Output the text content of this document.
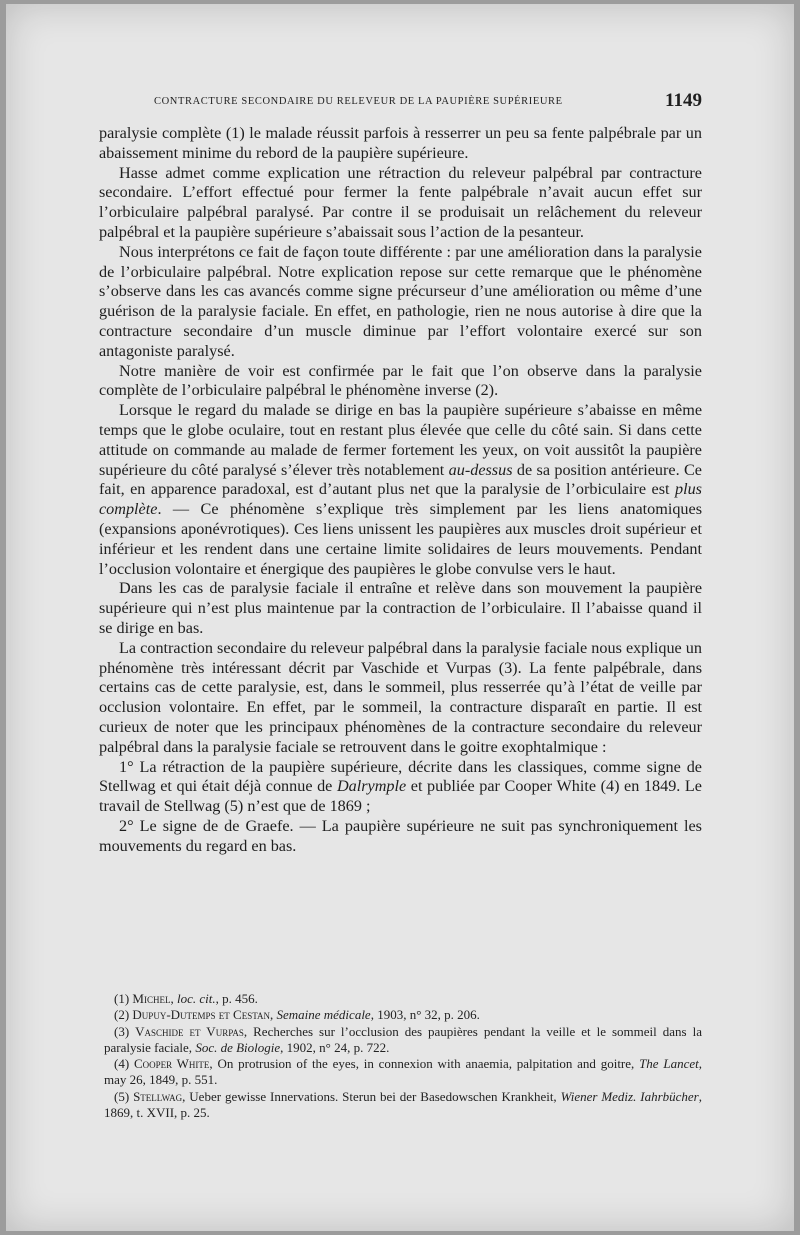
CONTRACTURE SECONDAIRE DU RELEVEUR DE LA PAUPIÈRE SUPÉRIEURE	1149

paralysie complète (1) le malade réussit parfois à resserrer un peu sa fente palpébrale par un abaissement minime du rebord de la paupière supérieure.

Hasse admet comme explication une rétraction du releveur palpébral par contracture secondaire. L’effort effectué pour fermer la fente palpébrale n’avait aucun effet sur l’orbiculaire palpébral paralysé. Par contre il se produisait un relâchement du releveur palpébral et la paupière supérieure s’abaissait sous l’action de la pesanteur.

Nous interprétons ce fait de façon toute différente : par une amélioration dans la paralysie de l’orbiculaire palpébral. Notre explication repose sur cette remarque que le phénomène s’observe dans les cas avancés comme signe précurseur d’une amélioration ou même d’une guérison de la paralysie faciale. En effet, en pathologie, rien ne nous autorise à dire que la contracture secondaire d’un muscle diminue par l’effort volontaire exercé sur son antagoniste paralysé.

Notre manière de voir est confirmée par le fait que l’on observe dans la paralysie complète de l’orbiculaire palpébral le phénomène inverse (2).

Lorsque le regard du malade se dirige en bas la paupière supérieure s’abaisse en même temps que le globe oculaire, tout en restant plus élevée que celle du côté sain. Si dans cette attitude on commande au malade de fermer fortement les yeux, on voit aussitôt la paupière supérieure du côté paralysé s’élever très notablement au-dessus de sa position antérieure. Ce fait, en apparence paradoxal, est d’autant plus net que la paralysie de l’orbiculaire est plus complète. — Ce phénomène s’explique très simplement par les liens anatomiques (expansions aponévrotiques). Ces liens unissent les paupières aux muscles droit supérieur et inférieur et les rendent dans une certaine limite solidaires de leurs mouvements. Pendant l’occlusion volontaire et énergique des paupières le globe convulse vers le haut.

Dans les cas de paralysie faciale il entraîne et relève dans son mouvement la paupière supérieure qui n’est plus maintenue par la contraction de l’orbiculaire. Il l’abaisse quand il se dirige en bas.

La contraction secondaire du releveur palpébral dans la paralysie faciale nous explique un phénomène très intéressant décrit par Vaschide et Vurpas (3). La fente palpébrale, dans certains cas de cette paralysie, est, dans le sommeil, plus resserrée qu’à l’état de veille par occlusion volontaire. En effet, par le sommeil, la contracture disparaît en partie. Il est curieux de noter que les principaux phénomènes de la contracture secondaire du releveur palpébral dans la paralysie faciale se retrouvent dans le goitre exophtalmique :

1° La rétraction de la paupière supérieure, décrite dans les classiques, comme signe de Stellwag et qui était déjà connue de Dalrymple et publiée par Cooper White (4) en 1849. Le travail de Stellwag (5) n’est que de 1869 ;

2° Le signe de de Graefe. — La paupière supérieure ne suit pas synchroniquement les mouvements du regard en bas.

(1) Michel, loc. cit., p. 456.

(2) Dupuy-Dutemps et Cestan, Semaine médicale, 1903, n° 32, p. 206.

(3) Vaschide et Vurpas, Recherches sur l’occlusion des paupières pendant la veille et le sommeil dans la paralysie faciale, Soc. de Biologie, 1902, n° 24, p. 722.

(4) Cooper White, On protrusion of the eyes, in connexion with anaemia, palpitation and goitre, The Lancet, may 26, 1849, p. 551.

(5) Stellwag, Ueber gewisse Innervations. Sterun bei der Basedowschen Krankheit, Wiener Mediz. Iahrbücher, 1869, t. XVII, p. 25.
